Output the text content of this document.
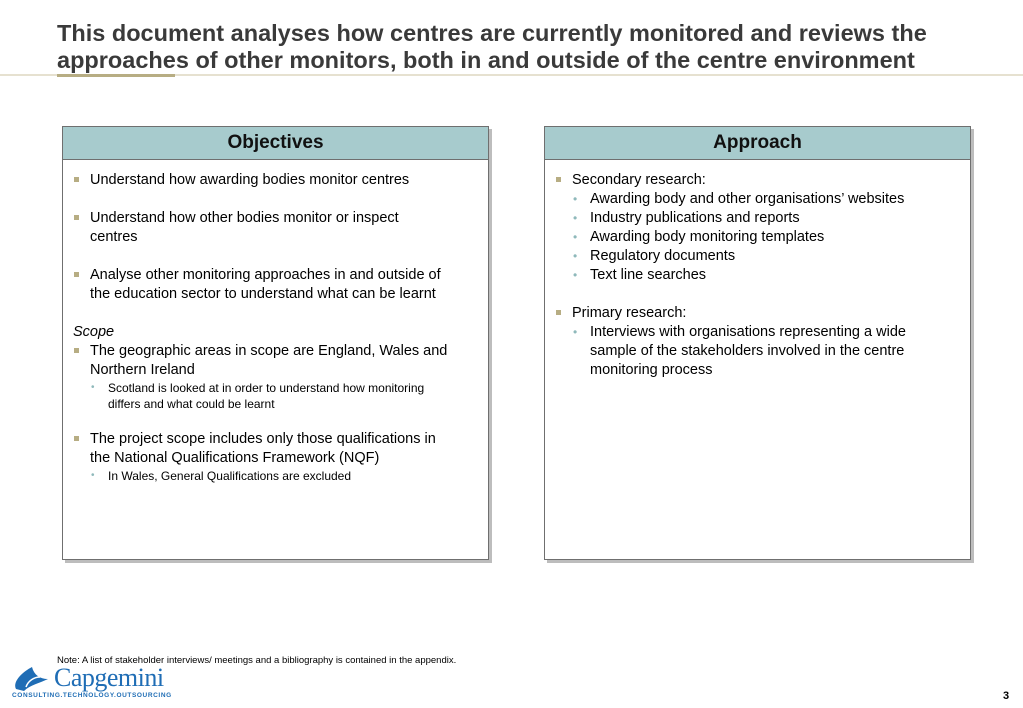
This document analyses how centres are currently monitored and reviews the
approaches of other monitors, both in and outside of the centre environment
Objectives
Understand how awarding bodies monitor centres
Understand how other bodies monitor or inspect
centres
Analyse other monitoring approaches in and outside of
the education sector to understand what can be learnt
Scope
The geographic areas in scope are England, Wales and
Northern Ireland
• Scotland is looked at in order to understand how monitoring
differs and what could be learnt
The project scope includes only those qualifications in
the National Qualifications Framework (NQF)
• In Wales, General Qualifications are excluded
Approach
Secondary research:
• Awarding body and other organisations’ websites
• Industry publications and reports
• Awarding body monitoring templates
• Regulatory documents
• Text line searches
Primary research:
• Interviews with organisations representing a wide
sample of the stakeholders involved in the centre
monitoring process
Note: A list of stakeholder interviews/ meetings and a bibliography is contained in the appendix.
Capgemini
CONSULTING.TECHNOLOGY.OUTSOURCING	3
